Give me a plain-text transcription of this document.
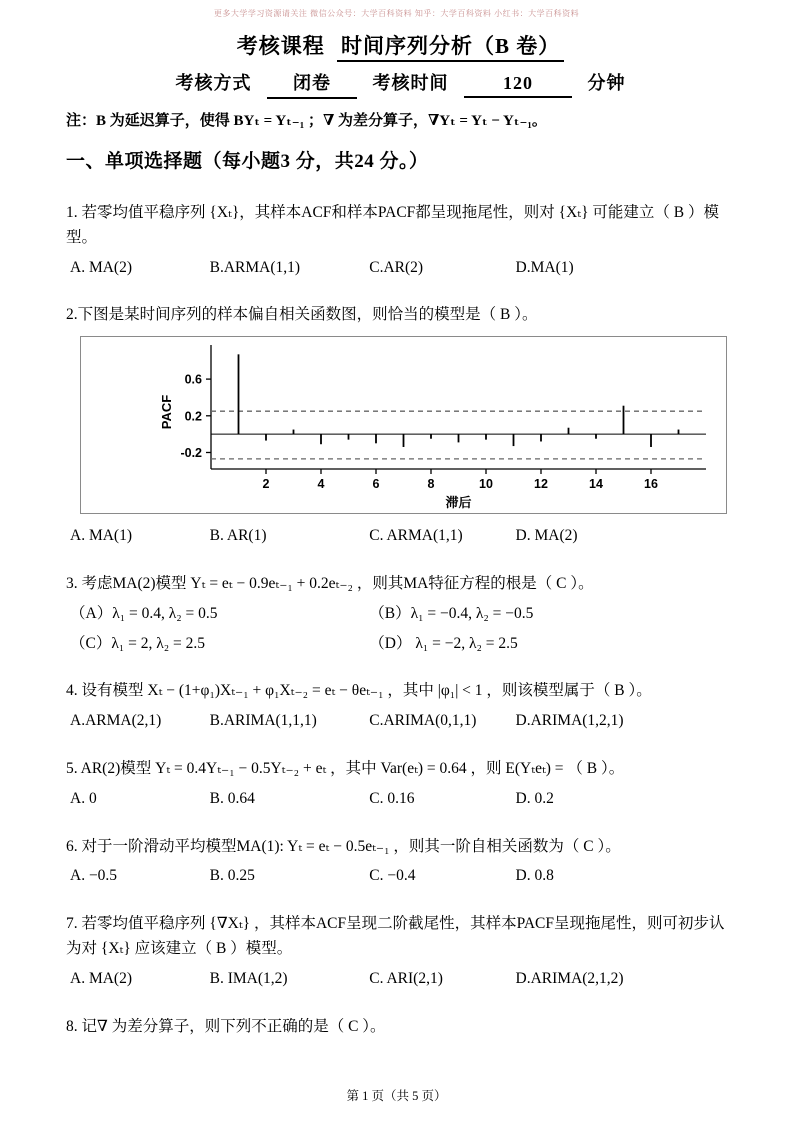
更多大学学习资源请关注 微信公众号：大学百科资料 知乎：大学百科资料 小红书：大学百科资料
考核课程 时间序列分析（B 卷）
考核方式 闭卷 考核时间	120	分钟
注：B 为延迟算子，使得 BYₜ = Yₜ₋₁ ；∇ 为差分算子，∇Yₜ = Yₜ − Yₜ₋₁。
一、单项选择题（每小题3 分，共24 分。）
1. 若零均值平稳序列 {Xₜ}，其样本ACF和样本PACF都呈现拖尾性，则对 {Xₜ} 可能建立（ B ）模型。
A. MA(2)	B.ARMA(1,1)	C.AR(2)	D.MA(1)
2.下图是某时间序列的样本偏自相关函数图，则恰当的模型是（ B ）。
0.6
0.2
-0.2
2	4	6	8	10	12	14	16
滞后
PACF
A. MA(1)	B. AR(1)	C. ARMA(1,1)	D. MA(2)
3. 考虑MA(2)模型 Yₜ = eₜ − 0.9eₜ₋₁ + 0.2eₜ₋₂ ，则其MA特征方程的根是（ C ）。
（A）λ₁ = 0.4, λ₂ = 0.5	（B）λ₁ = −0.4, λ₂ = −0.5
（C）λ₁ = 2, λ₂ = 2.5	（D） λ₁ = −2, λ₂ = 2.5
4. 设有模型 Xₜ − (1+φ₁)Xₜ₋₁ + φ₁Xₜ₋₂ = eₜ − θeₜ₋₁ ，其中 |φ₁| < 1 ，则该模型属于（ B ）。
A.ARMA(2,1)	B.ARIMA(1,1,1)	C.ARIMA(0,1,1)	D.ARIMA(1,2,1)
5. AR(2)模型 Yₜ = 0.4Yₜ₋₁ − 0.5Yₜ₋₂ + eₜ ，其中 Var(eₜ) = 0.64 ，则 E(Yₜeₜ) = （ B ）。
A. 0	B. 0.64	C. 0.16	D. 0.2
6. 对于一阶滑动平均模型MA(1): Yₜ = eₜ − 0.5eₜ₋₁ ，则其一阶自相关函数为（ C ）。
A. −0.5	B. 0.25	C. −0.4	D. 0.8
7. 若零均值平稳序列 {∇Xₜ} ，其样本ACF呈现二阶截尾性，其样本PACF呈现拖尾性，则可初步认为对 {Xₜ} 应该建立（ B ）模型。
A. MA(2)	B. IMA(1,2)	C. ARI(2,1)	D.ARIMA(2,1,2)
8. 记∇ 为差分算子，则下列不正确的是（ C ）。
第 1 页（共 5 页）
